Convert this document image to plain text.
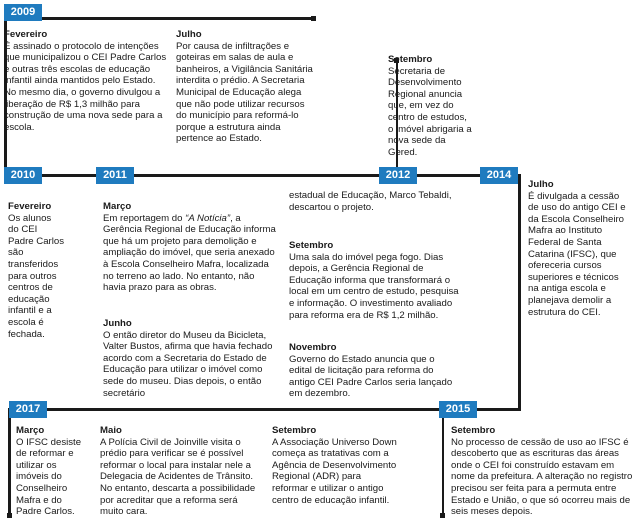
2009
2010	2011	2012	2014
2015
2017
Fevereiro

É assinado o protocolo de intenções que municipalizou o CEI Padre Carlos e outras três escolas de educação infantil ainda mantidos pelo Estado. No mesmo dia, o governo divulgou a liberação de R$ 1,3 milhão para construção de uma nova sede para a escola.

Julho

Por causa de infiltrações e goteiras em salas de aula e banheiros, a Vigilância Sanitária interdita o prédio. A Secretaria Municipal de Educação alega que não pode utilizar recursos do município para reformá-lo porque a estrutura ainda pertence ao Estado.

Setembro

Secretaria de Desenvolvimento Regional anuncia que, em vez do centro de estudos, o imóvel abrigaria a nova sede da Gered.

Fevereiro

Os alunos do CEI Padre Carlos são transferidos para outros centros de educação infantil e a escola é fechada.

Março

Em reportagem do “A Notícia”, a Gerência Regional de Educação informa que há um projeto para demolição e ampliação do imóvel, que seria anexado à Escola Conselheiro Mafra, localizada no terreno ao lado. No entanto, não havia prazo para as obras.

Junho

O então diretor do Museu da Bicicleta, Valter Bustos, afirma que havia fechado acordo com a Secretaria do Estado de Educação para utilizar o imóvel como sede do museu. Dias depois, o então secretário

estadual de Educação, Marco Tebaldi, descartou o projeto.

Setembro

Uma sala do imóvel pega fogo. Dias depois, a Gerência Regional de Educação informa que transformará o local em um centro de estudo, pesquisa e informação. O investimento avaliado para reforma era de R$ 1,2 milhão.

Novembro

Governo do Estado anuncia que o edital de licitação para reforma do antigo CEI Padre Carlos seria lançado em dezembro.

Julho

É divulgada a cessão de uso do antigo CEI e da Escola Conselheiro Mafra ao Instituto Federal de Santa Catarina (IFSC), que ofereceria cursos superiores e técnicos na antiga escola e planejava demolir a estrutura do CEI.

Março

O IFSC desiste de reformar e utilizar os imóveis do Conselheiro Mafra e do Padre Carlos.

Maio

A Polícia Civil de Joinville visita o prédio para verificar se é possível reformar o local para instalar nele a Delegacia de Acidentes de Trânsito. No entanto, descarta a possibilidade por acreditar que a reforma será muito cara.

Setembro

A Associação Universo Down começa as tratativas com a Agência de Desenvolvimento Regional (ADR) para reformar e utilizar o antigo centro de educação infantil.

Setembro

No processo de cessão de uso ao IFSC é descoberto que as escrituras das áreas onde o CEI foi construído estavam em nome da prefeitura. A alteração no registro precisou ser feita para a permuta entre Estado e União, o que só ocorreu mais de seis meses depois.
